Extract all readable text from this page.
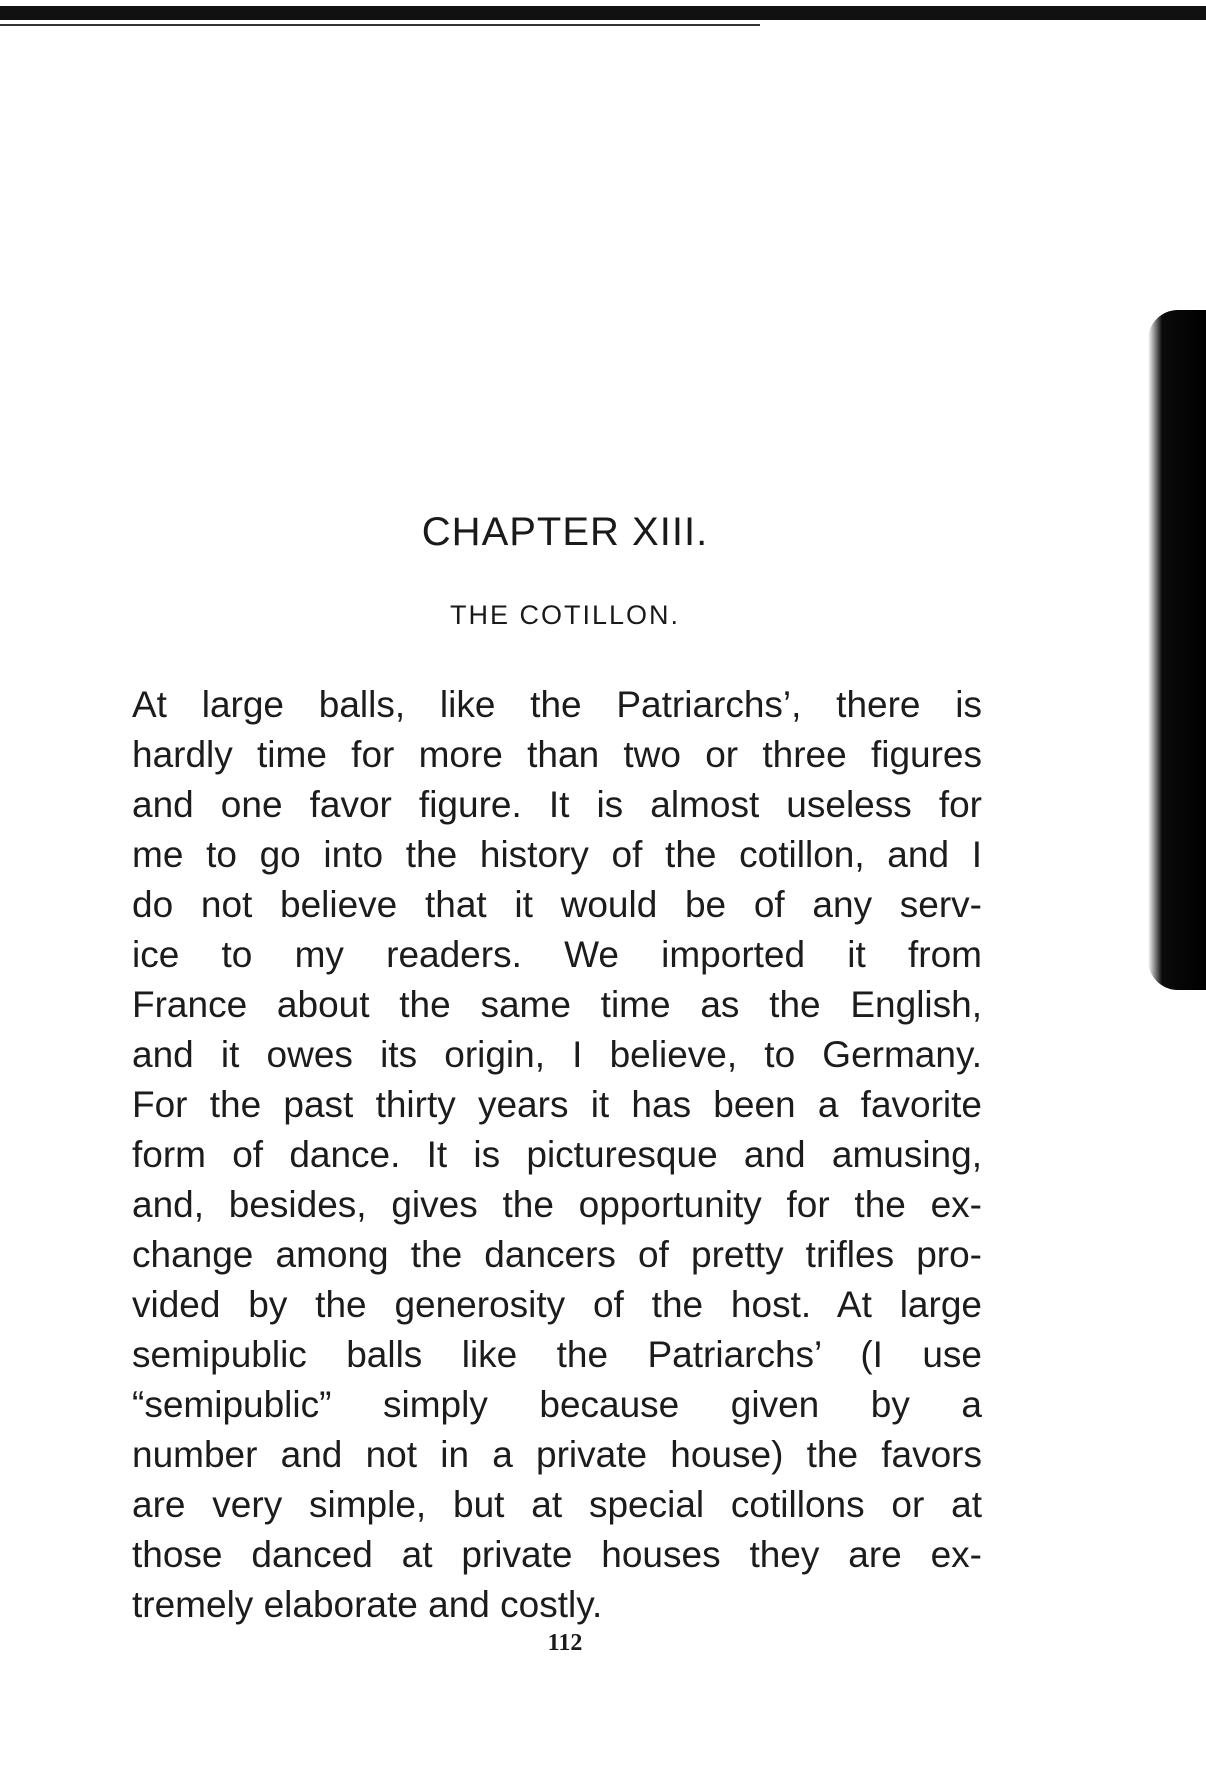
CHAPTER XIII.
THE COTILLON.
At large balls, like the Patriarchs’, there is
hardly time for more than two or three figures
and one favor figure. It is almost useless for
me to go into the history of the cotillon, and I
do not believe that it would be of any serv-
ice to my readers. We imported it from
France about the same time as the English,
and it owes its origin, I believe, to Germany.
For the past thirty years it has been a favorite
form of dance. It is picturesque and amusing,
and, besides, gives the opportunity for the ex-
change among the dancers of pretty trifles pro-
vided by the generosity of the host. At large
semipublic balls like the Patriarchs’ (I use
“semipublic” simply because given by a
number and not in a private house) the favors
are very simple, but at special cotillons or at
those danced at private houses they are ex-
tremely elaborate and costly.
112
